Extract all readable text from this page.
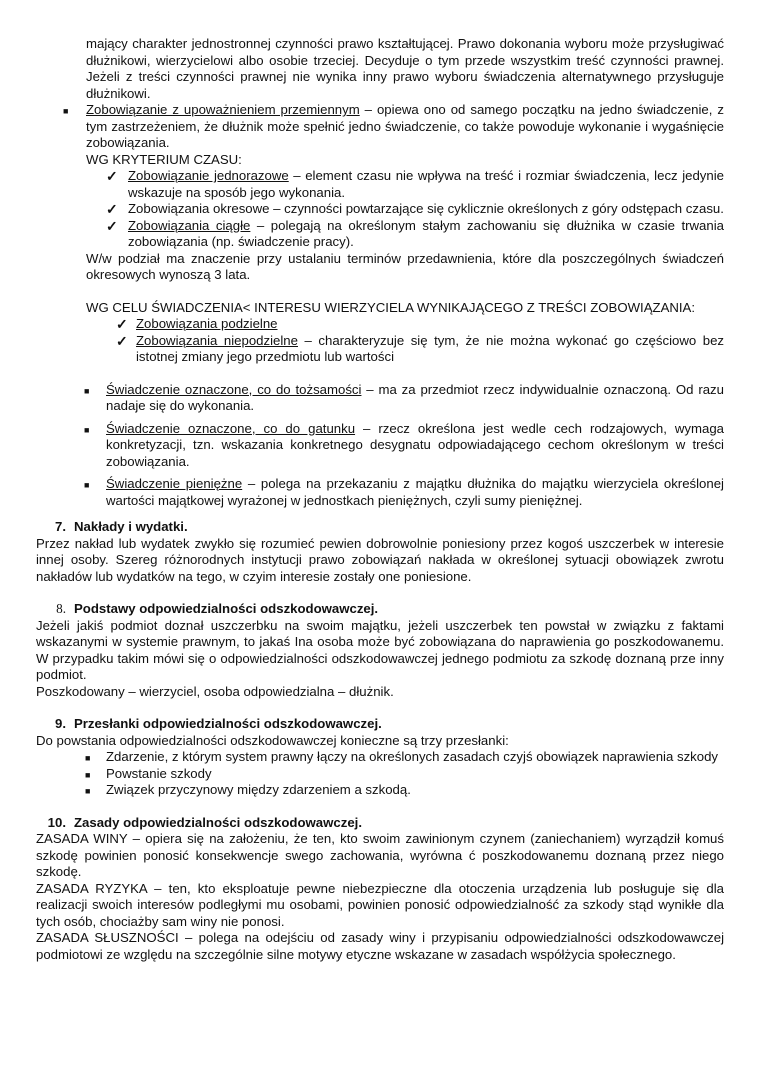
mający charakter jednostronnej czynności prawo kształtującej. Prawo dokonania wyboru może przysługiwać dłużnikowi, wierzycielowi albo osobie trzeciej. Decyduje o tym przede wszystkim treść czynności prawnej. Jeżeli z treści czynności prawnej nie wynika inny prawo wyboru świadczenia alternatywnego przysługuje dłużnikowi.

■ Zobowiązanie z upoważnieniem przemiennym – opiewa ono od samego początku na jedno świadczenie, z tym zastrzeżeniem, że dłużnik może spełnić jedno świadczenie, co także powoduje wykonanie i wygaśnięcie zobowiązania.

WG KRYTERIUM CZASU:

✓ Zobowiązanie jednorazowe – element czasu nie wpływa na treść i rozmiar świadczenia, lecz jedynie wskazuje na sposób jego wykonania.

✓ Zobowiązania okresowe – czynności powtarzające się cyklicznie określonych z góry odstępach czasu.

✓ Zobowiązania ciągłe – polegają na określonym stałym zachowaniu się dłużnika w czasie trwania zobowiązania (np. świadczenie pracy).

W/w podział ma znaczenie przy ustalaniu terminów przedawnienia, które dla poszczególnych świadczeń okresowych wynoszą 3 lata.

WG CELU ŚWIADCZENIA< INTERESU WIERZYCIELA WYNIKAJĄCEGO Z TREŚCI ZOBOWIĄZANIA:

✓ Zobowiązania podzielne

✓ Zobowiązania niepodzielne – charakteryzuje się tym, że nie można wykonać go częściowo bez istotnej zmiany jego przedmiotu lub wartości

■ Świadczenie oznaczone, co do tożsamości – ma za przedmiot rzecz indywidualnie oznaczoną. Od razu nadaje się do wykonania.

■ Świadczenie oznaczone, co do gatunku – rzecz określona jest wedle cech rodzajowych, wymaga konkretyzacji, tzn. wskazania konkretnego desygnatu odpowiadającego cechom określonym w treści zobowiązania.

■ Świadczenie pieniężne – polega na przekazaniu z majątku dłużnika do majątku wierzyciela określonej wartości majątkowej wyrażonej w jednostkach pieniężnych, czyli sumy pieniężnej.

7. Nakłady i wydatki.

Przez nakład lub wydatek zwykło się rozumieć pewien dobrowolnie poniesiony przez kogoś uszczerbek w interesie innej osoby. Szereg różnorodnych instytucji prawo zobowiązań nakłada w określonej sytuacji obowiązek zwrotu nakładów lub wydatków na tego, w czyim interesie zostały one poniesione.

8. Podstawy odpowiedzialności odszkodowawczej.

Jeżeli jakiś podmiot doznał uszczerbku na swoim majątku, jeżeli uszczerbek ten powstał w związku z faktami wskazanymi w systemie prawnym, to jakaś Ina osoba może być zobowiązana do naprawienia go poszkodowanemu. W przypadku takim mówi się o odpowiedzialności odszkodowawczej jednego podmiotu za szkodę doznaną prze inny podmiot.

Poszkodowany – wierzyciel, osoba odpowiedzialna – dłużnik.

9. Przesłanki odpowiedzialności odszkodowawczej.

Do powstania odpowiedzialności odszkodowawczej konieczne są trzy przesłanki:

■ Zdarzenie, z którym system prawny łączy na określonych zasadach czyjś obowiązek naprawienia szkody

■ Powstanie szkody

■ Związek przyczynowy między zdarzeniem a szkodą.

10. Zasady odpowiedzialności odszkodowawczej.

ZASADA WINY – opiera się na założeniu, że ten, kto swoim zawinionym czynem (zaniechaniem) wyrządził komuś szkodę powinien ponosić konsekwencje swego zachowania, wyrówna ć poszkodowanemu doznaną przez niego szkodę.

ZASADA RYZYKA – ten, kto eksploatuje pewne niebezpieczne dla otoczenia urządzenia lub posługuje się dla realizacji swoich interesów podległymi mu osobami, powinien ponosić odpowiedzialność za szkody stąd wynikłe dla tych osób, chociażby sam winy nie ponosi.

ZASADA SŁUSZNOŚCI – polega na odejściu od zasady winy i przypisaniu odpowiedzialności odszkodowawczej podmiotowi ze względu na szczególnie silne motywy etyczne wskazane w zasadach współżycia społecznego.
